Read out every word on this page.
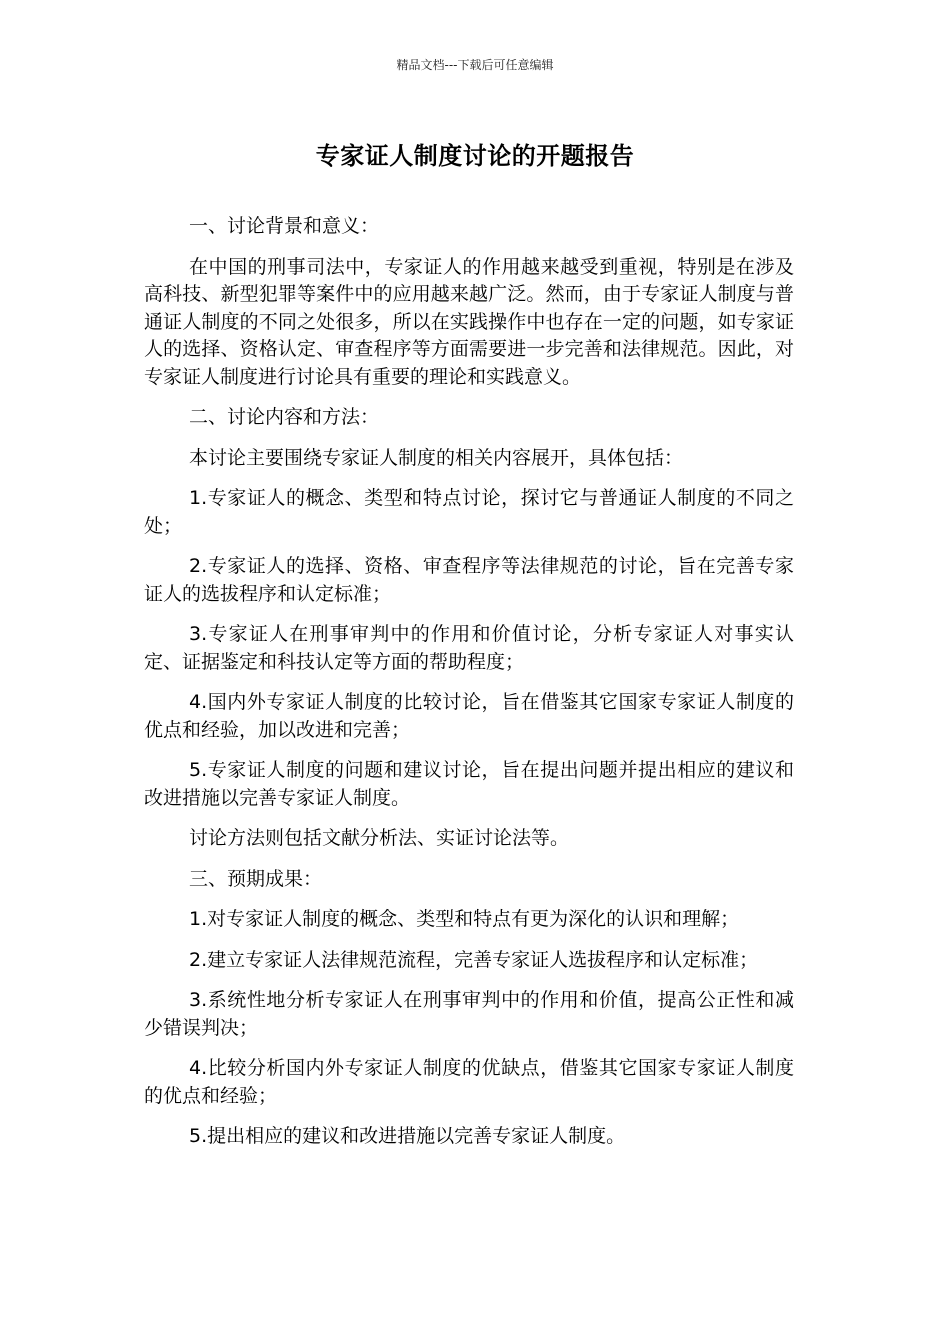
精品文档---下载后可任意编辑
专家证人制度讨论的开题报告

一、讨论背景和意义：

在中国的刑事司法中，专家证人的作用越来越受到重视，特别是在涉及高科技、新型犯罪等案件中的应用越来越广泛。然而，由于专家证人制度与普通证人制度的不同之处很多，所以在实践操作中也存在一定的问题，如专家证人的选择、资格认定、审查程序等方面需要进一步完善和法律规范。因此，对专家证人制度进行讨论具有重要的理论和实践意义。

二、讨论内容和方法：

本讨论主要围绕专家证人制度的相关内容展开，具体包括：

1.专家证人的概念、类型和特点讨论，探讨它与普通证人制度的不同之处；

2.专家证人的选择、资格、审查程序等法律规范的讨论，旨在完善专家证人的选拔程序和认定标准；

3.专家证人在刑事审判中的作用和价值讨论，分析专家证人对事实认定、证据鉴定和科技认定等方面的帮助程度；

4.国内外专家证人制度的比较讨论，旨在借鉴其它国家专家证人制度的优点和经验，加以改进和完善；

5.专家证人制度的问题和建议讨论，旨在提出问题并提出相应的建议和改进措施以完善专家证人制度。

讨论方法则包括文献分析法、实证讨论法等。

三、预期成果：

1.对专家证人制度的概念、类型和特点有更为深化的认识和理解；

2.建立专家证人法律规范流程，完善专家证人选拔程序和认定标准；

3.系统性地分析专家证人在刑事审判中的作用和价值，提高公正性和减少错误判决；

4.比较分析国内外专家证人制度的优缺点，借鉴其它国家专家证人制度的优点和经验；

5.提出相应的建议和改进措施以完善专家证人制度。
